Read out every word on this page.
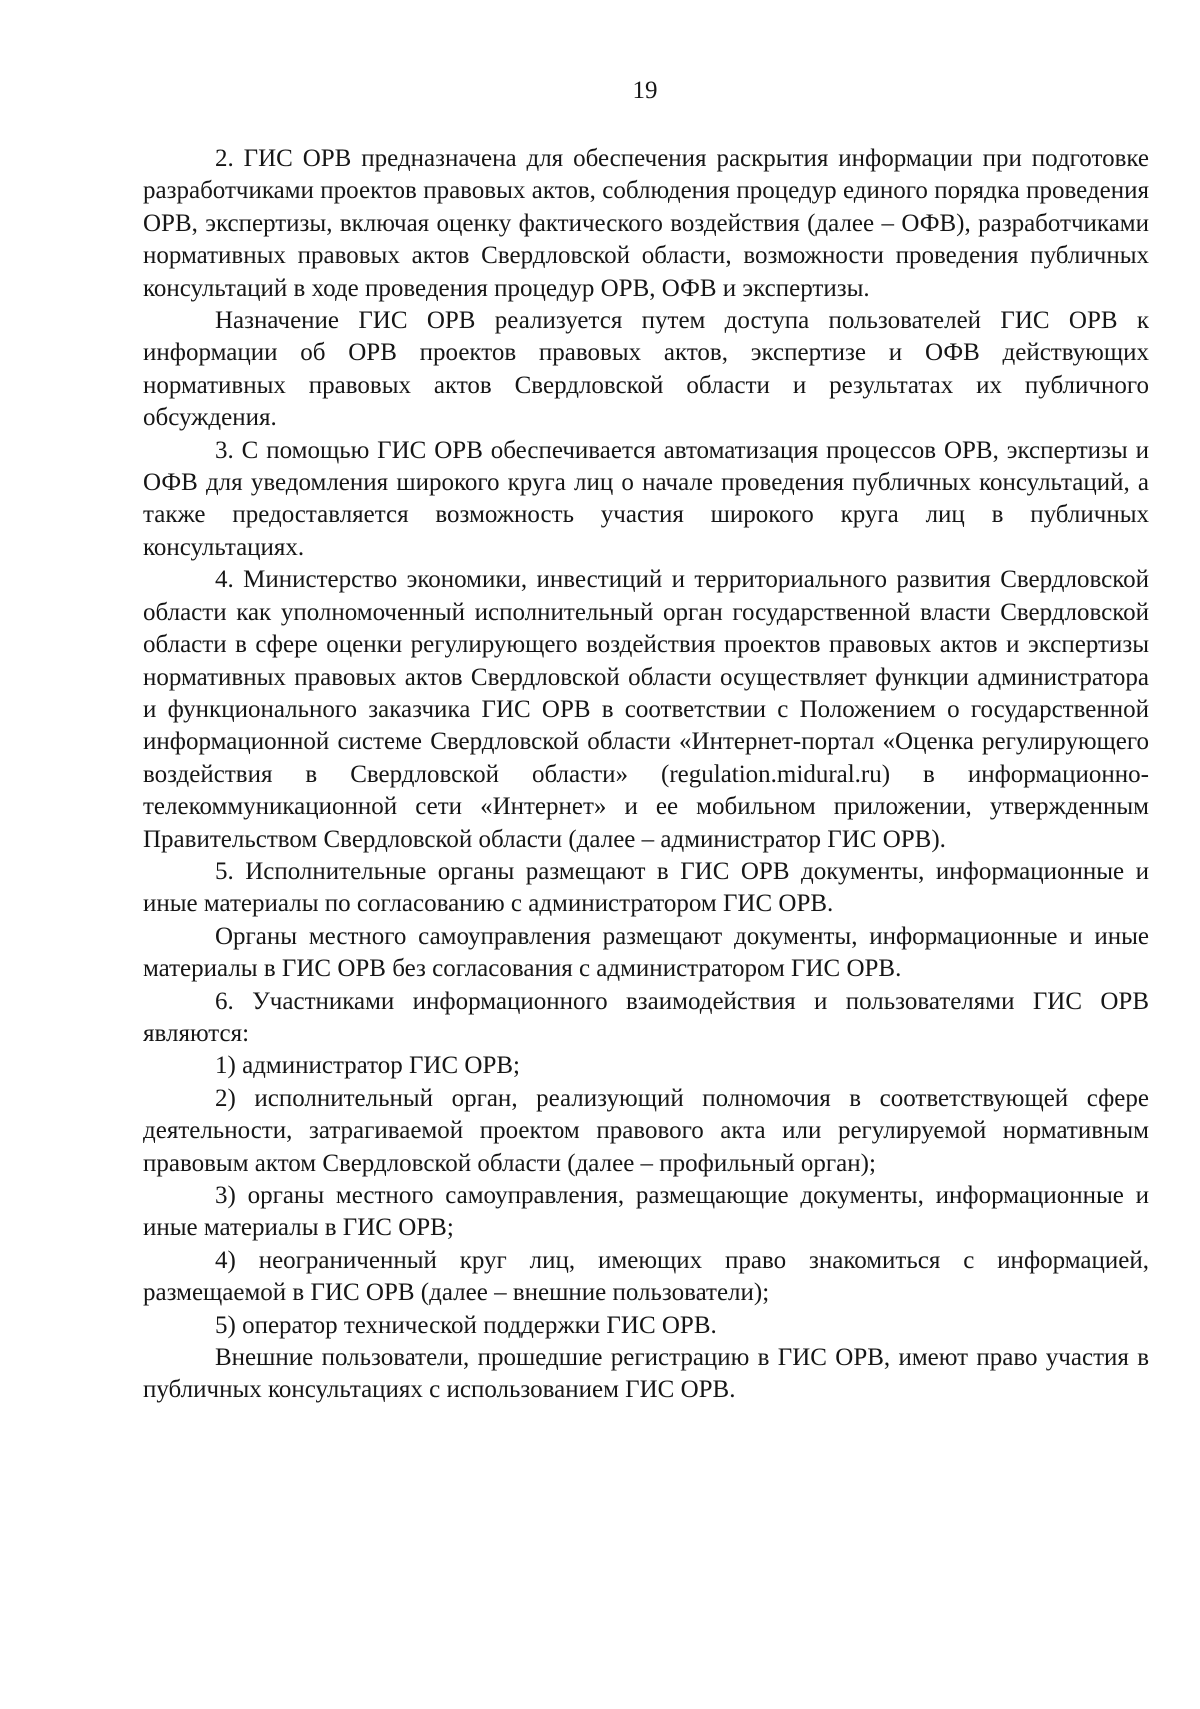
19

2. ГИС ОРВ предназначена для обеспечения раскрытия информации при подготовке разработчиками проектов правовых актов, соблюдения процедур единого порядка проведения ОРВ, экспертизы, включая оценку фактического воздействия (далее – ОФВ), разработчиками нормативных правовых актов Свердловской области, возможности проведения публичных консультаций в ходе проведения процедур ОРВ, ОФВ и экспертизы.

Назначение ГИС ОРВ реализуется путем доступа пользователей ГИС ОРВ к информации об ОРВ проектов правовых актов, экспертизе и ОФВ действующих нормативных правовых актов Свердловской области и результатах их публичного обсуждения.

3. С помощью ГИС ОРВ обеспечивается автоматизация процессов ОРВ, экспертизы и ОФВ для уведомления широкого круга лиц о начале проведения публичных консультаций, а также предоставляется возможность участия широкого круга лиц в публичных консультациях.

4. Министерство экономики, инвестиций и территориального развития Свердловской области как уполномоченный исполнительный орган государственной власти Свердловской области в сфере оценки регулирующего воздействия проектов правовых актов и экспертизы нормативных правовых актов Свердловской области осуществляет функции администратора и функционального заказчика ГИС ОРВ в соответствии с Положением о государственной информационной системе Свердловской области «Интернет-портал «Оценка регулирующего воздействия в Свердловской области» (regulation.midural.ru) в информационно-телекоммуникационной сети «Интернет» и ее мобильном приложении, утвержденным Правительством Свердловской области (далее – администратор ГИС ОРВ).

5. Исполнительные органы размещают в ГИС ОРВ документы, информационные и иные материалы по согласованию с администратором ГИС ОРВ.

Органы местного самоуправления размещают документы, информационные и иные материалы в ГИС ОРВ без согласования с администратором ГИС ОРВ.

6. Участниками информационного взаимодействия и пользователями ГИС ОРВ являются:

1) администратор ГИС ОРВ;

2) исполнительный орган, реализующий полномочия в соответствующей сфере деятельности, затрагиваемой проектом правового акта или регулируемой нормативным правовым актом Свердловской области (далее – профильный орган);

3) органы местного самоуправления, размещающие документы, информационные и иные материалы в ГИС ОРВ;

4) неограниченный круг лиц, имеющих право знакомиться с информацией, размещаемой в ГИС ОРВ (далее – внешние пользователи);

5) оператор технической поддержки ГИС ОРВ.

Внешние пользователи, прошедшие регистрацию в ГИС ОРВ, имеют право участия в публичных консультациях с использованием ГИС ОРВ.
